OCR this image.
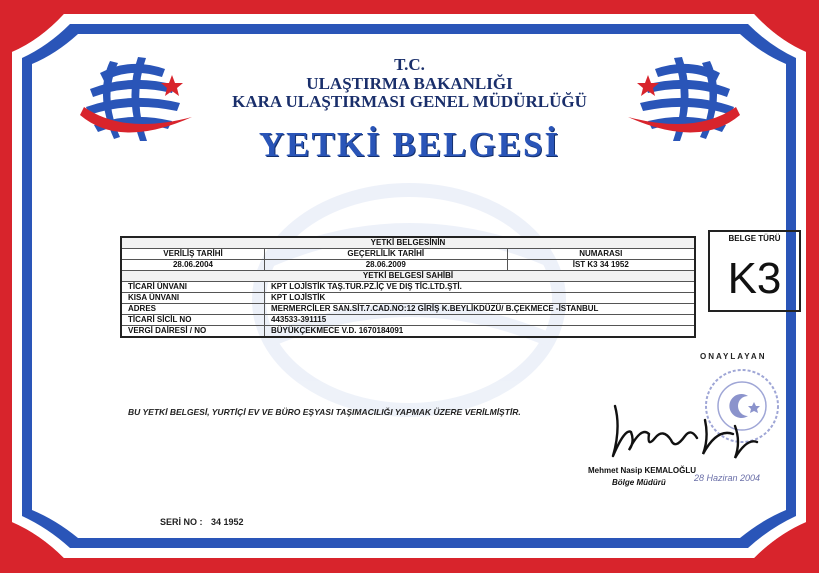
T.C.
ULAŞTIRMA BAKANLIĞI
KARA ULAŞTIRMASI GENEL MÜDÜRLÜĞÜ
YETKİ BELGESİ
YETKİ BELGESİNİN		
VERİLİŞ TARİHİ	GEÇERLİLİK TARİHİ	NUMARASI
28.06.2004	28.06.2009	İST K3 34 1952
YETKİ BELGESİ SAHİBİ		
TİCARİ ÜNVANI	KPT LOJİSTİK TAŞ.TUR.PZ.İÇ VE DIŞ TİC.LTD.ŞTİ.	
KISA ÜNVANI	KPT LOJİSTİK	
ADRES	MERMERCİLER SAN.SİT.7.CAD.NO:12 GİRİŞ K.BEYLİKDÜZÜ/ B.ÇEKMECE -İSTANBUL	
TİCARİ SİCİL NO	443533-391115	
VERGİ DAİRESİ / NO	BÜYÜKÇEKMECE V.D. 1670184091	
BELGE TÜRÜ
K3
ONAYLAYAN
BU YETKİ BELGESİ, YURTİÇİ EV VE BÜRO EŞYASI TAŞIMACILIĞI YAPMAK ÜZERE VERİLMİŞTİR.
Mehmet Nasip KEMALOĞLU
Bölge Müdürü	28 Haziran 2004
SERİ NO : 34 1952
